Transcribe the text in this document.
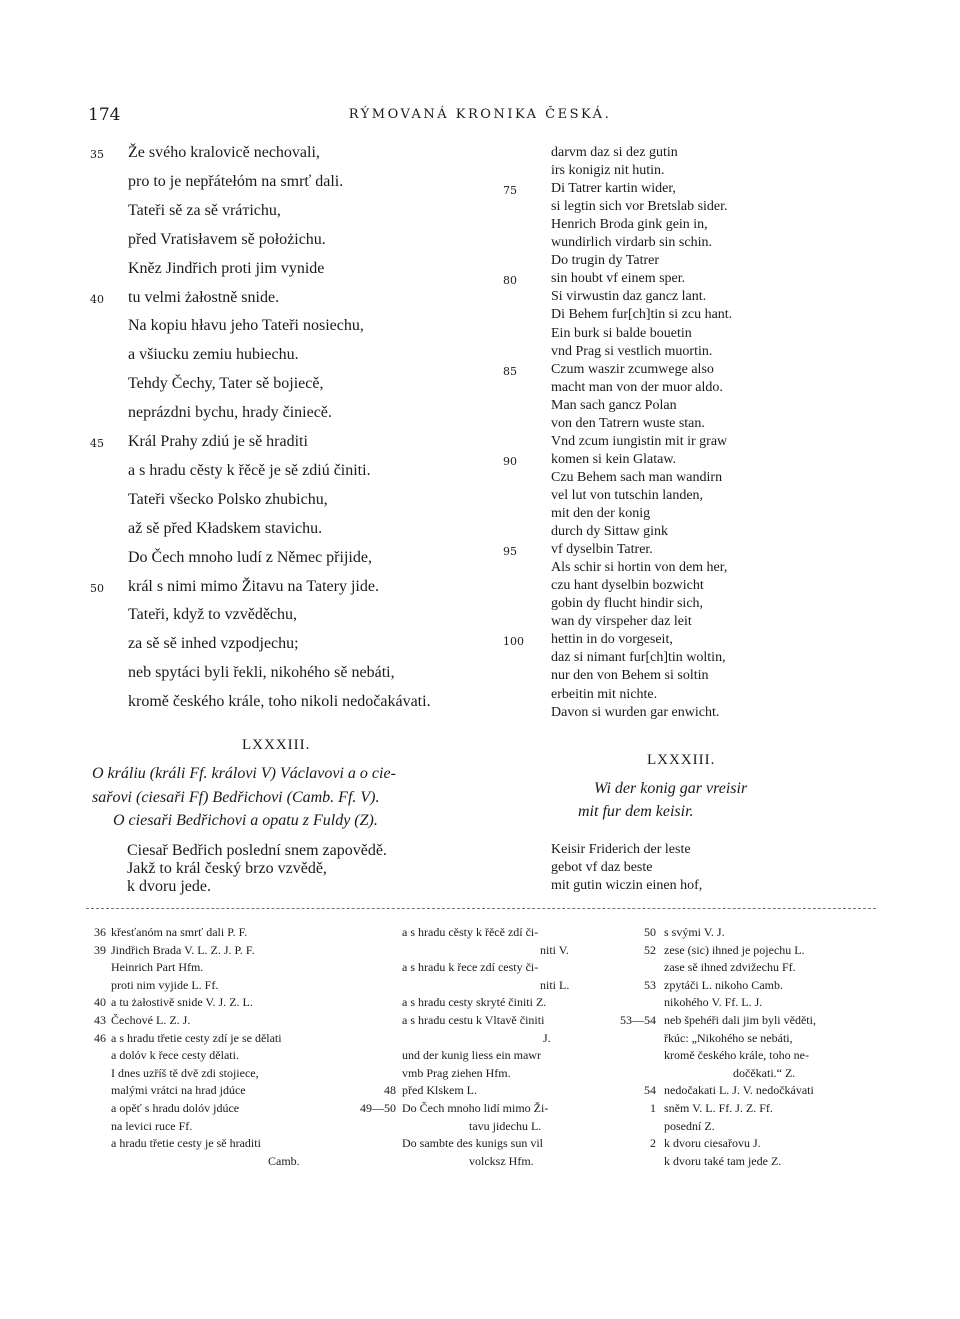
174	RÝMOVANÁ KRONIKA ČESKÁ.
35 Že svého kralovicě nechovali,
pro to je nepřátełóm na smrť dali.
Tateři sě za sě vráтichu,
před Vratisłavem sě położichu.
Kněz Jindřich proti jim vynide
40 tu velmi żałostně snide.
Na kopiu hłavu jeho Tateři nosiechu,
a všiucku zemiu hubiechu.
Tehdy Čechy, Tater sě bojiecě,
neprázdni bychu, hrady činiecě.
45 Král Prahy zdiú je sě hraditi
a s hradu cěsty k řěcě je sě zdiú činiti.
Tateři všecko Polsko zhubichu,
až sě před Kładskem stavichu.
Do Čech mnoho ludí z Němec přijide,
50 král s nimi mimo Žitavu na Tatery jide.
Tateři, když to vzvěděchu,
za sě sě inhed vzpodjechu;
neb spytáci byli řekli, nikohého sě nebáti,
kromě českého krále, toho nikoli nedočakávati.
darvm daz si dez gutin
irs konigiz nit hutin.
75 Di Tatrer kartin wider,
si legtin sich vor Bretslab sider.
Henrich Broda gink gein in,
wundirlich virdarb sin schin.
Do trugin dy Tatrer
80 sin houbt vf einem sper.
Si virwustin daz gancz lant.
Di Behem fur[ch]tin si zcu hant.
Ein burk si balde bouetin
vnd Prag si vestlich muortin.
85 Czum waszir zcumwege also
macht man von der muor aldo.
Man sach gancz Polan
von den Tatrern wuste stan.
Vnd zcum iungistin mit ir graw
90 komen si kein Glataw.
Czu Behem sach man wandirn
vel lut von tutschin landen,
mit den der konig
durch dy Sittaw gink
95 vf dyselbin Tatrer.
Als schir si hortin von dem her,
czu hant dyselbin bozwicht
gobin dy flucht hindir sich,
wan dy virspeher daz leit
100 hettin in do vorgeseit,
daz si nimant fur[ch]tin woltin,
nur den von Behem si soltin
erbeitin mit nichte.
Davon si wurden gar enwicht.
LXXXIII.
O králiu (králi Ff. královi V) Václavovi a o cie-
sařovi (ciesaři Ff) Bedřichovi (Camb. Ff. V).
O ciesaři Bedřichovi a opatu z Fuldy (Z).
Ciesař Bedřich poslední snem zapovědě.
Jakž to král český brzo vzvědě,
k dvoru jede.
LXXXIII.
Wi der konig gar vreisir
mit fur dem keisir.
Keisir Friderich der leste
gebot vf daz beste
mit gutin wiczin einen hof,
36 křesťanóm na smrť dali P. F.
39 Jindřich Brada V. L. Z. J. P. F.
Heinrich Part Hfm.
proti nim vyjide L. Ff.
40 a tu żałostivě snide V. J. Z. L.
43 Čechové L. Z. J.
46 a s hradu třetie cesty zdí je se dělati
a dolóv k řece cesty dělati.
I dnes uzříš tě dvě zdi stojiece,
malými vrátci na hrad jdúce
a opěť s hradu dolóv jdúce
na levici ruce Ff.
a hradu třetie cesty je sě hraditi
Camb.
a s hradu cěsty k řěcě zdí či-
niti V.
a s hradu k řece zdí cesty či-
niti L.
a s hradu cesty skryté činiti Z.
a s hradu cestu k Vltavě činiti
J.
und der kunig liess ein mawr
vmb Prag ziehen Hfm.
48 před Klskem L.
49—50 Do Čech mnoho lidí mimo Ži-
tavu jidechu L.
Do sambte des kunigs sun vil
volcksz Hfm.
50 s svými V. J.
52 zese (sic) ihned je pojechu L.
zase sě ihned zdvižechu Ff.
53 zpytáči L. nikoho Camb.
nikohého V. Ff. L. J.
53—54 neb špehéři dali jim byli věděti,
řkúc: „Nikohého se nebáti,
kromě českého krále, toho ne-
dočěkati.“ Z.
54 nedočakati L. J. V. nedočkávati
1 sněm V. L. Ff. J. Z. Ff.
posední Z.
2 k dvoru ciesařovu J.
k dvoru také tam jede Z.
